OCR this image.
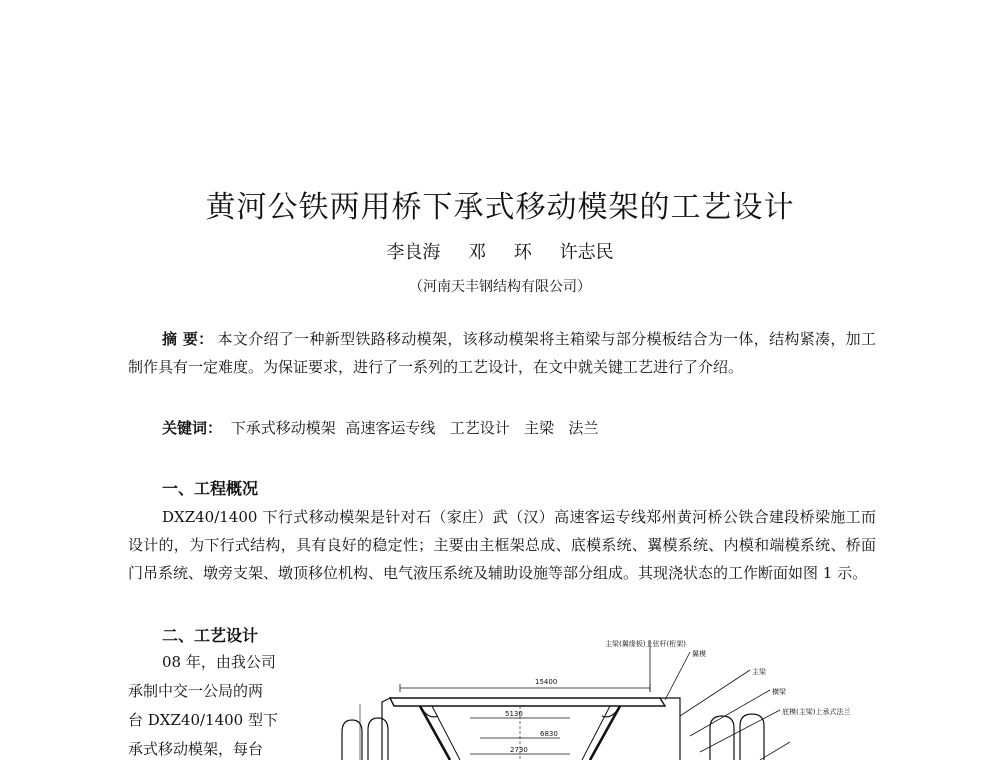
黄河公铁两用桥下承式移动模架的工艺设计
李良海 邓 环 许志民
（河南天丰钢结构有限公司）
摘 要： 本文介绍了一种新型铁路移动模架，该移动模架将主箱梁与部分模板结合为一体，结构紧凑，加工制作具有一定难度。为保证要求，进行了一系列的工艺设计，在文中就关键工艺进行了介绍。
关键词： 下承式移动模架 高速客运专线 工艺设计 主梁 法兰
一、工程概况
DXZ40/1400 下行式移动模架是针对石（家庄）武（汉）高速客运专线郑州黄河桥公铁合建段桥梁施工而设计的，为下行式结构，具有良好的稳定性；主要由主框架总成、底模系统、翼模系统、内模和端模系统、桥面门吊系统、墩旁支架、墩顶移位机构、电气液压系统及辅助设施等部分组成。其现浇状态的工作断面如图 1 示。
二、工艺设计
08 年，由我公司
承制中交一公局的两
台 DXZ40/1400 型下
承式移动模架，每台
15400
5130
6830
2730
主梁(翼缘板)上弦杆(桁架)
翼模
主梁
横梁
底模(主梁)上承式法兰
